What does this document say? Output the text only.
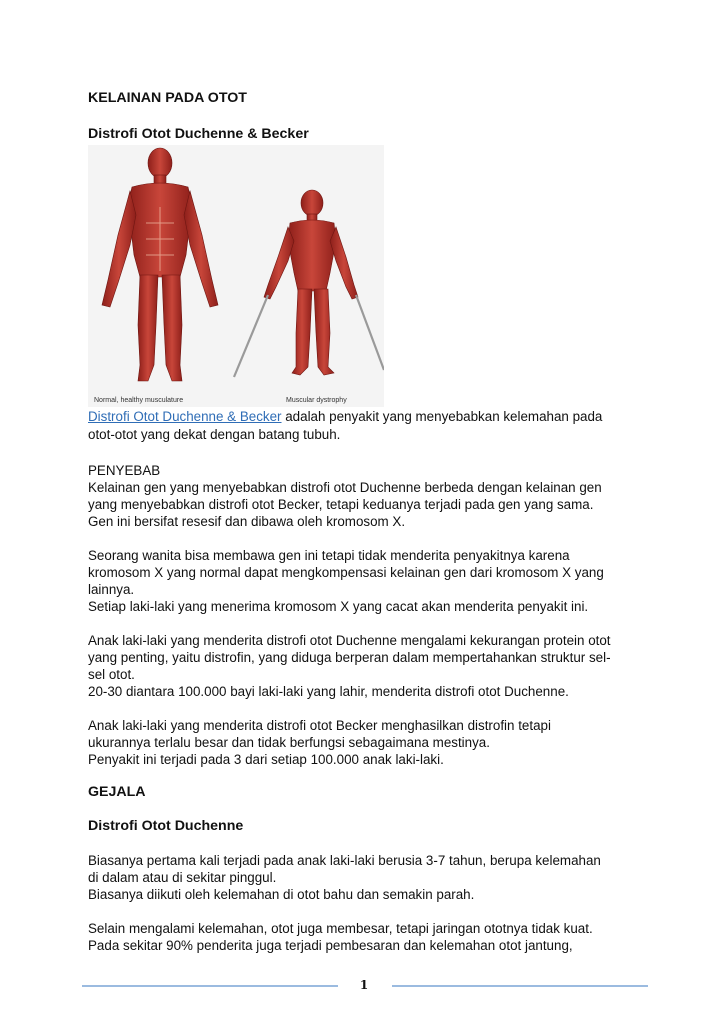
KELAINAN PADA OTOT
Distrofi Otot Duchenne & Becker
Normal, healthy musculature	Muscular dystrophy
Distrofi Otot Duchenne & Becker adalah penyakit yang menyebabkan kelemahan pada
otot-otot yang dekat dengan batang tubuh.
PENYEBAB
Kelainan gen yang menyebabkan distrofi otot Duchenne berbeda dengan kelainan gen
yang menyebabkan distrofi otot Becker, tetapi keduanya terjadi pada gen yang sama.
Gen ini bersifat resesif dan dibawa oleh kromosom X.
Seorang wanita bisa membawa gen ini tetapi tidak menderita penyakitnya karena
kromosom X yang normal dapat mengkompensasi kelainan gen dari kromosom X yang
lainnya.
Setiap laki-laki yang menerima kromosom X yang cacat akan menderita penyakit ini.
Anak laki-laki yang menderita distrofi otot Duchenne mengalami kekurangan protein otot
yang penting, yaitu distrofin, yang diduga berperan dalam mempertahankan struktur sel-
sel otot.
20-30 diantara 100.000 bayi laki-laki yang lahir, menderita distrofi otot Duchenne.
Anak laki-laki yang menderita distrofi otot Becker menghasilkan distrofin tetapi
ukurannya terlalu besar dan tidak berfungsi sebagaimana mestinya.
Penyakit ini terjadi pada 3 dari setiap 100.000 anak laki-laki.
GEJALA
Distrofi Otot Duchenne
Biasanya pertama kali terjadi pada anak laki-laki berusia 3-7 tahun, berupa kelemahan
di dalam atau di sekitar pinggul.
Biasanya diikuti oleh kelemahan di otot bahu dan semakin parah.
Selain mengalami kelemahan, otot juga membesar, tetapi jaringan ototnya tidak kuat.
Pada sekitar 90% penderita juga terjadi pembesaran dan kelemahan otot jantung,
1
